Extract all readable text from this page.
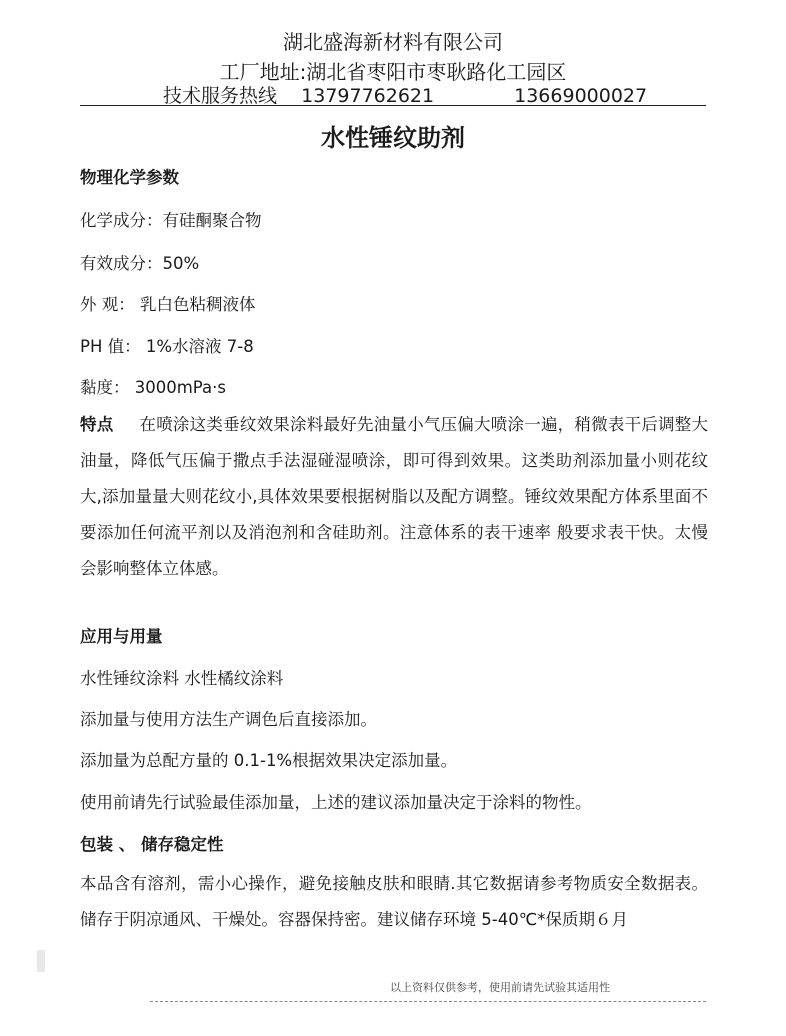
湖北盛海新材料有限公司
工厂地址:湖北省枣阳市枣耿路化工园区
技术服务热线 13797762621	13669000027
水性锤纹助剂
物理化学参数
化学成分：有硅酮聚合物
有效成分：50%
外 观： 乳白色粘稠液体
PH 值： 1%水溶液 7-8
黏度： 3000mPa·s
特点 在喷涂这类垂纹效果涂料最好先油量小气压偏大喷涂一遍，稍微表干后调整大油量，降低气压偏于撒点手法湿碰湿喷涂，即可得到效果。这类助剂添加量小则花纹大,添加量量大则花纹小,具体效果要根据树脂以及配方调整。锤纹效果配方体系里面不要添加任何流平剂以及消泡剂和含硅助剂。注意体系的表干速率 般要求表干快。太慢会影响整体立体感。
应用与用量
水性锤纹涂料 水性橘纹涂料
添加量与使用方法生产调色后直接添加。
添加量为总配方量的 0.1-1%根据效果决定添加量。
使用前请先行试验最佳添加量，上述的建议添加量决定于涂料的物性。
包装 、 储存稳定性
本品含有溶剂，需小心操作，避免接触皮肤和眼睛.其它数据请参考物质安全数据表。储存于阴凉通风、干燥处。容器保持密。建议储存环境 5-40℃*保质期６月
以上资料仅供参考，使用前请先试验其适用性
